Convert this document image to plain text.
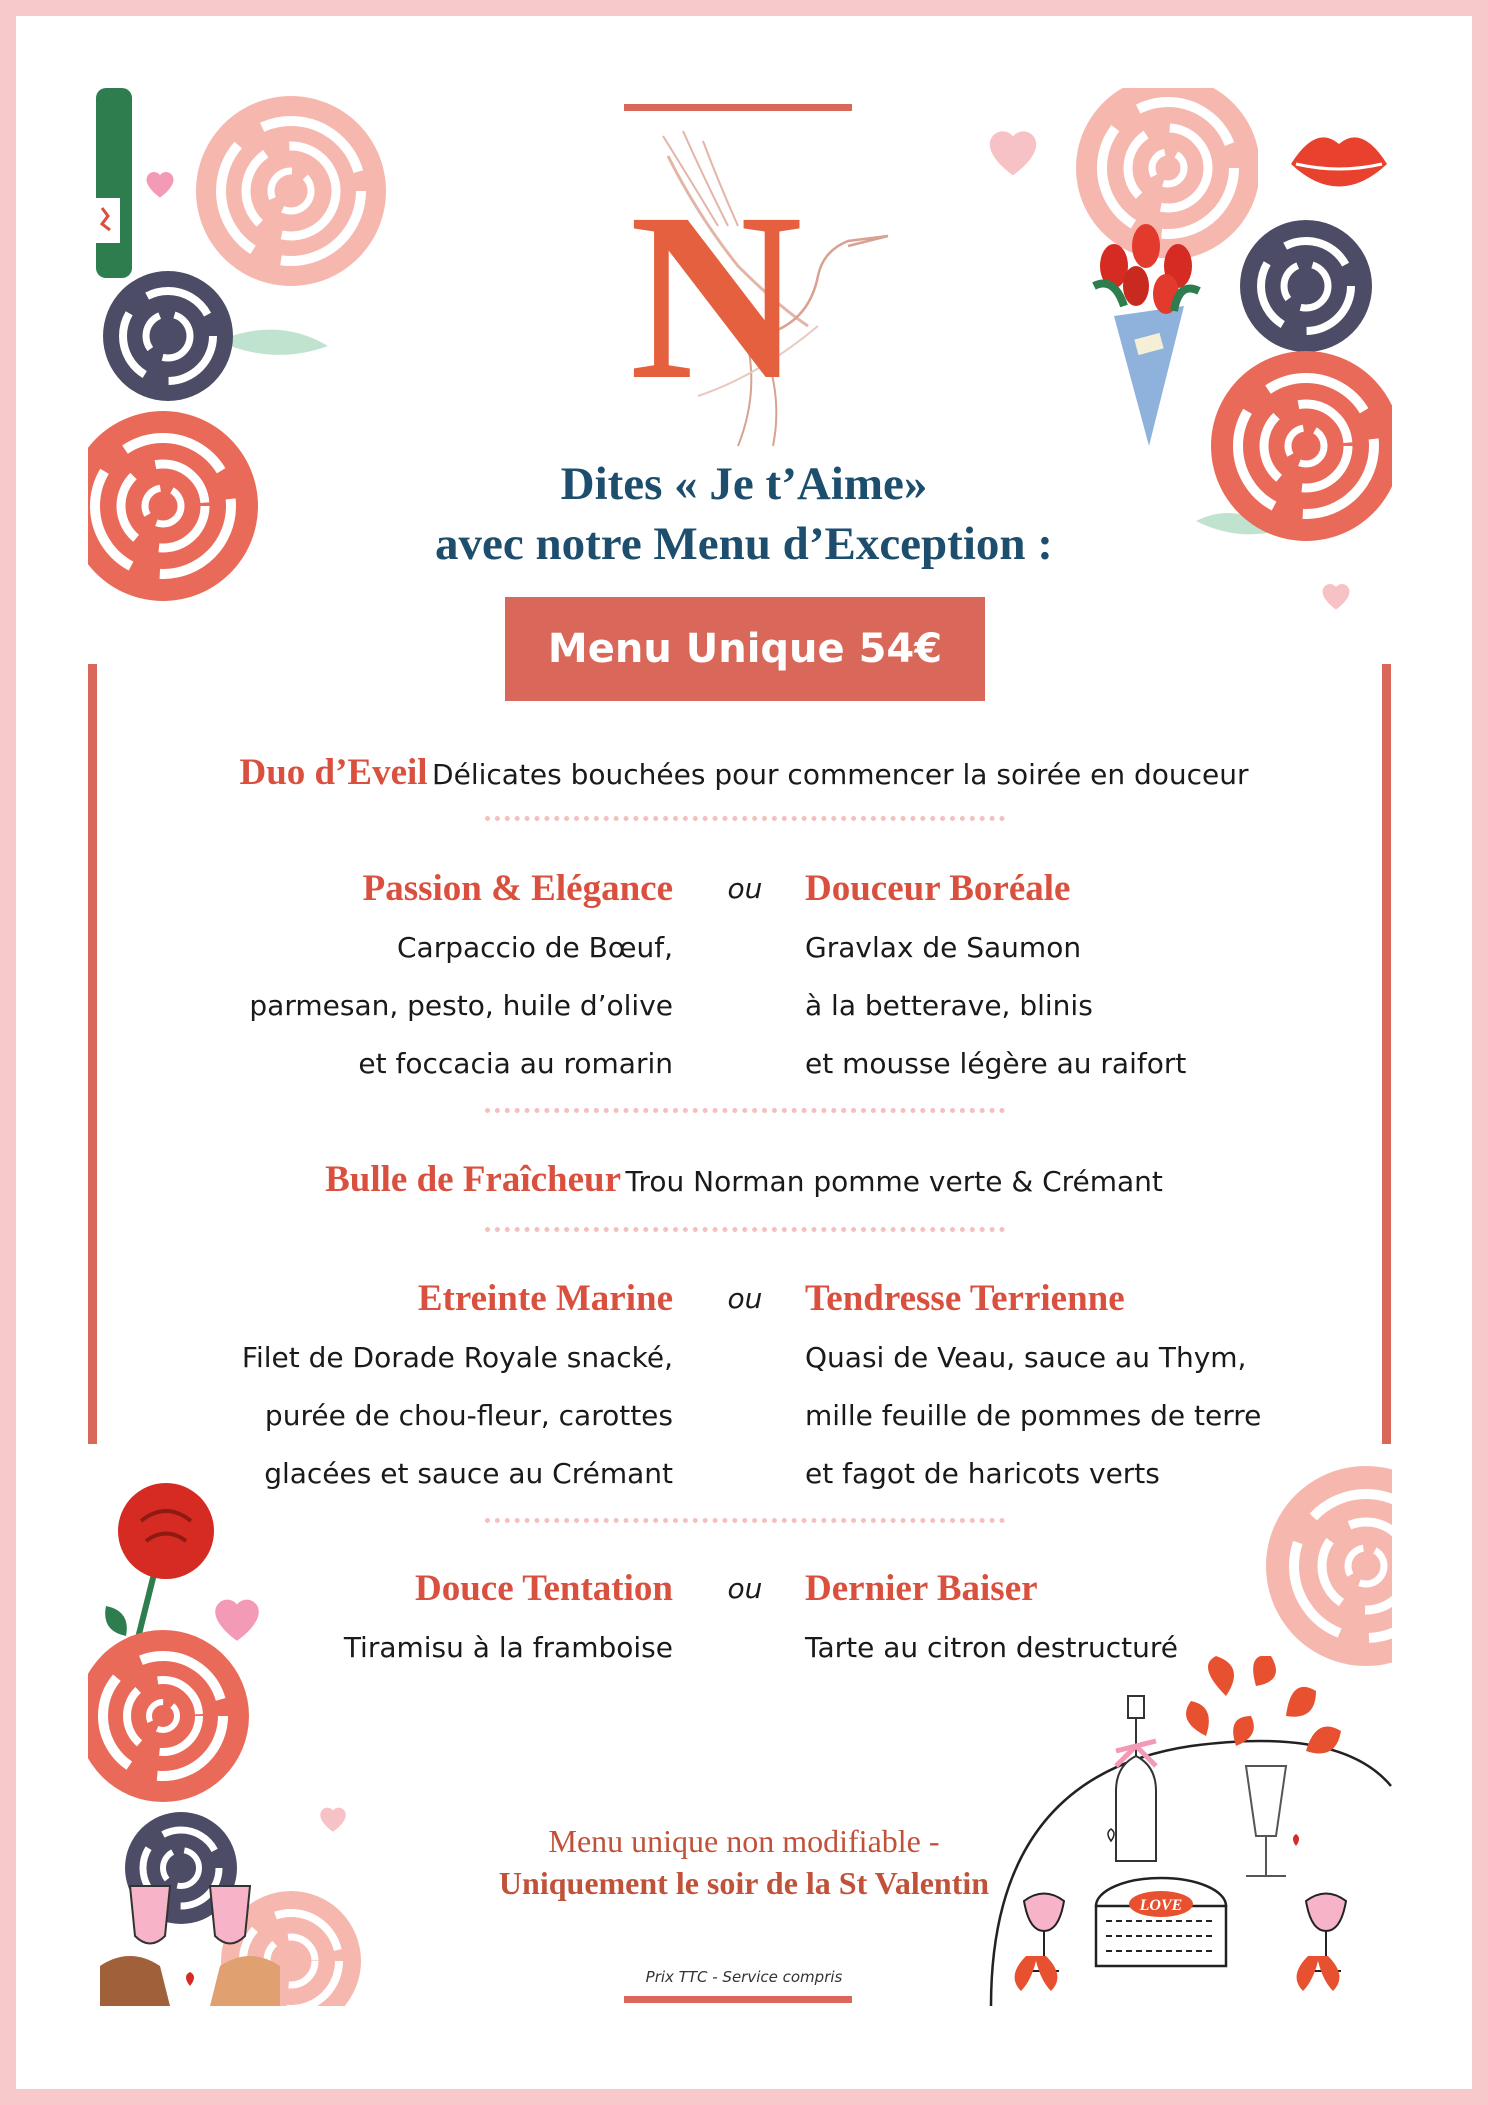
N
Dites « Je t’Aime»
avec notre Menu d’Exception :
Menu Unique 54€
Duo d’Eveil Délicates bouchées pour commencer la soirée en douceur
Passion & Elégance
Carpaccio de Bœuf,
parmesan, pesto, huile d’olive
et foccacia au romarin
ou Douceur Boréale
Gravlax de Saumon
à la betterave, blinis
et mousse légère au raifort
Bulle de Fraîcheur Trou Norman pomme verte & Crémant
Etreinte Marine
Filet de Dorade Royale snacké,
purée de chou-fleur, carottes
glacées et sauce au Crémant
ou Tendresse Terrienne
Quasi de Veau, sauce au Thym,
mille feuille de pommes de terre
et fagot de haricots verts
Douce Tentation
Tiramisu à la framboise
ou Dernier Baiser
Tarte au citron destructuré
LOVE
Menu unique non modifiable -
Uniquement le soir de la St Valentin
Prix TTC - Service compris
